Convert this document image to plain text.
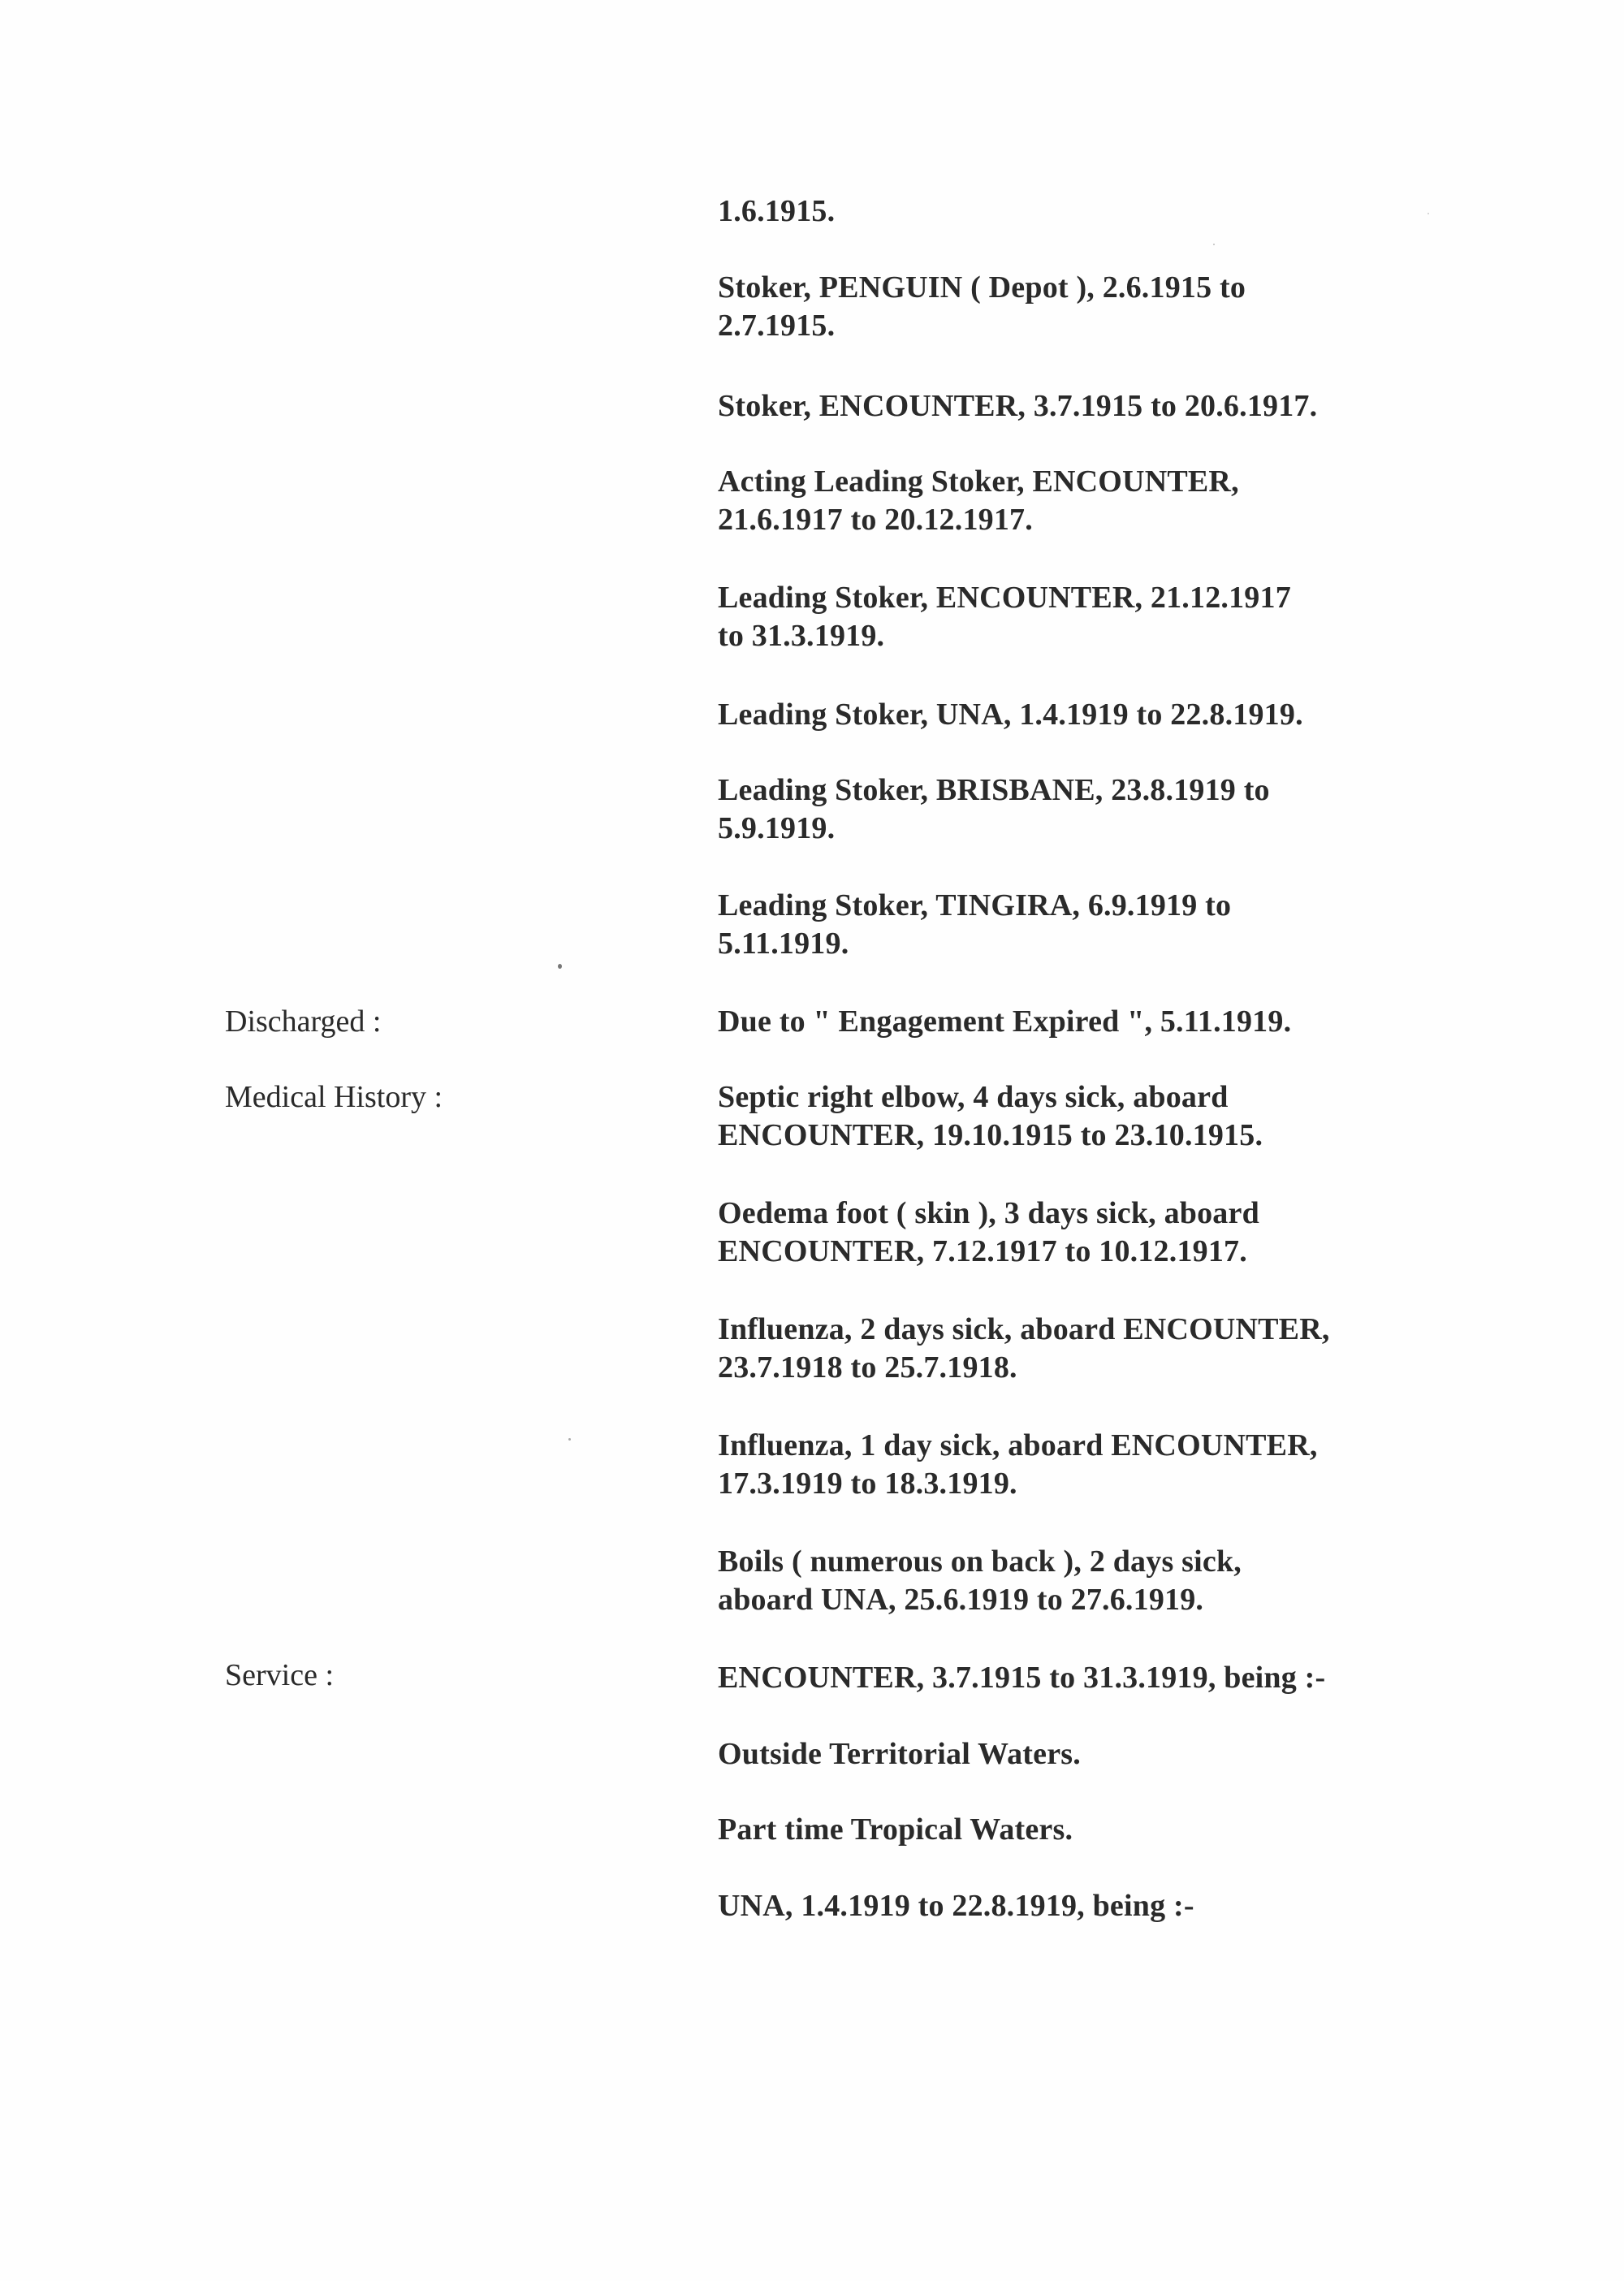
1.6.1915.

Stoker, PENGUIN ( Depot ), 2.6.1915 to
2.7.1915.

Stoker, ENCOUNTER, 3.7.1915 to 20.6.1917.

Acting Leading Stoker, ENCOUNTER,
21.6.1917 to 20.12.1917.

Leading Stoker, ENCOUNTER, 21.12.1917
to 31.3.1919.

Leading Stoker, UNA, 1.4.1919 to 22.8.1919.

Leading Stoker, BRISBANE, 23.8.1919 to
5.9.1919.

Leading Stoker, TINGIRA, 6.9.1919 to
5.11.1919.

Discharged :	Due to " Engagement Expired ", 5.11.1919.

Medical History :	Septic right elbow, 4 days sick, aboard
ENCOUNTER, 19.10.1915 to 23.10.1915.

Oedema foot ( skin ), 3 days sick, aboard
ENCOUNTER, 7.12.1917 to 10.12.1917.

Influenza, 2 days sick, aboard ENCOUNTER,
23.7.1918 to 25.7.1918.

Influenza, 1 day sick, aboard ENCOUNTER,
17.3.1919 to 18.3.1919.

Boils ( numerous on back ), 2 days sick,
aboard UNA, 25.6.1919 to 27.6.1919.

Service :	ENCOUNTER, 3.7.1915 to 31.3.1919, being :-

Outside Territorial Waters.

Part time Tropical Waters.

UNA, 1.4.1919 to 22.8.1919, being :-
